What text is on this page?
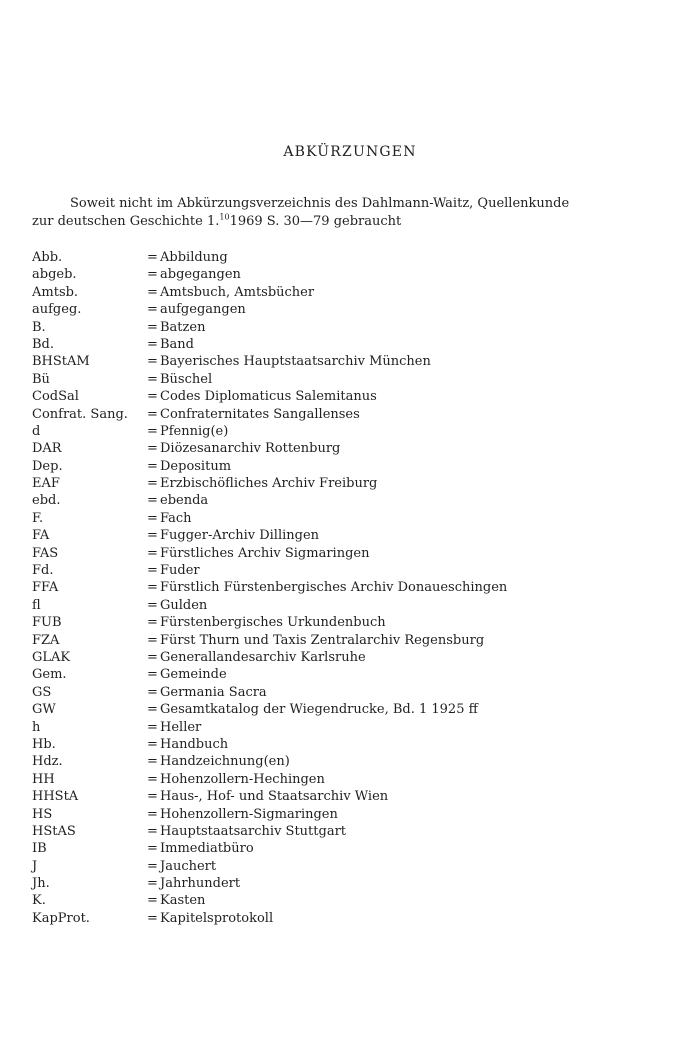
ABKÜRZUNGEN
Soweit nicht im Abkürzungsverzeichnis des Dahlmann-Waitz, Quellenkunde
zur deutschen Geschichte 1.101969 S. 30—79 gebraucht
Abb.	= Abbildung
abgeb.	= abgegangen
Amtsb.	= Amtsbuch, Amtsbücher
aufgeg.	= aufgegangen
B.	= Batzen
Bd.	= Band
BHStAM	= Bayerisches Hauptstaatsarchiv München
Bü	= Büschel
CodSal	= Codes Diplomaticus Salemitanus
Confrat. Sang.	= Confraternitates Sangallenses
d	= Pfennig(e)
DAR	= Diözesanarchiv Rottenburg
Dep.	= Depositum
EAF	= Erzbischöfliches Archiv Freiburg
ebd.	= ebenda
F.	= Fach
FA	= Fugger-Archiv Dillingen
FAS	= Fürstliches Archiv Sigmaringen
Fd.	= Fuder
FFA	= Fürstlich Fürstenbergisches Archiv Donaueschingen
fl	= Gulden
FUB	= Fürstenbergisches Urkundenbuch
FZA	= Fürst Thurn und Taxis Zentralarchiv Regensburg
GLAK	= Generallandesarchiv Karlsruhe
Gem.	= Gemeinde
GS	= Germania Sacra
GW	= Gesamtkatalog der Wiegendrucke, Bd. 1 1925 ff
h	= Heller
Hb.	= Handbuch
Hdz.	= Handzeichnung(en)
HH	= Hohenzollern-Hechingen
HHStA	= Haus-, Hof- und Staatsarchiv Wien
HS	= Hohenzollern-Sigmaringen
HStAS	= Hauptstaatsarchiv Stuttgart
IB	= Immediatbüro
J	= Jauchert
Jh.	= Jahrhundert
K.	= Kasten
KapProt.	= Kapitelsprotokoll
